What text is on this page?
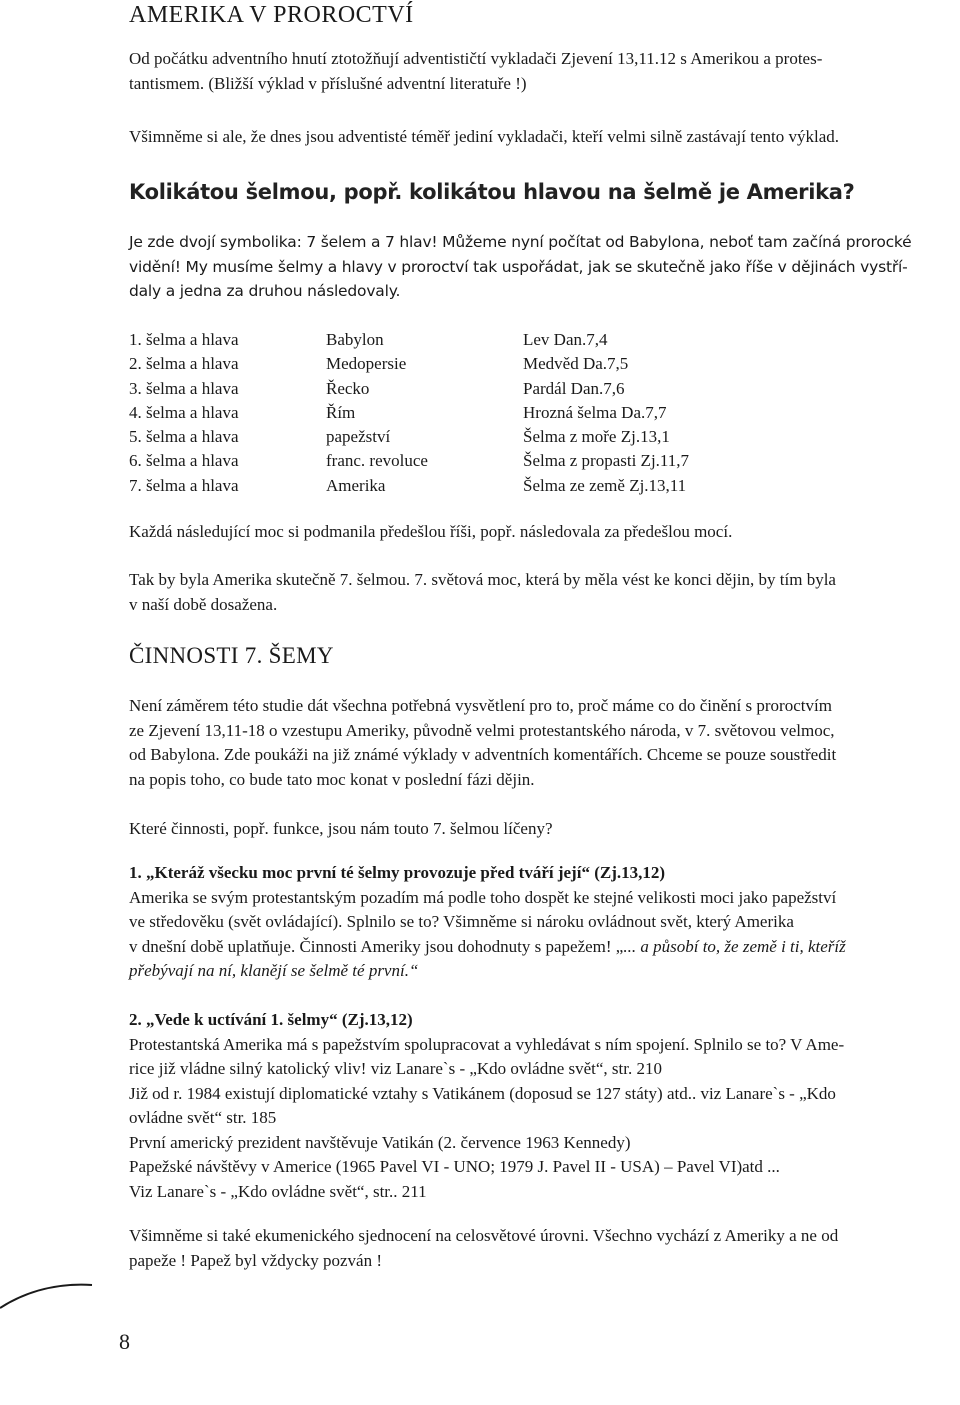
AMERIKA V PROROCTVÍ
Od počátku adventního hnutí ztotožňují adventističtí vykladači Zjevení 13,11.12 s Amerikou a protes-
tantismem. (Bližší výklad v příslušné adventní literatuře !)
Všimněme si ale, že dnes jsou adventisté téměř jediní vykladači, kteří velmi silně zastávají tento výklad.
Kolikátou šelmou, popř. kolikátou hlavou na šelmě je Amerika?
Je zde dvojí symbolika: 7 šelem a 7 hlav! Můžeme nyní počítat od Babylona, neboť tam začíná prorocké
vidění! My musíme šelmy a hlavy v proroctví tak uspořádat, jak se skutečně jako říše v dějinách vystří-
daly a jedna za druhou následovaly.
1. šelma a hlava	Babylon	Lev Dan.7,4
2. šelma a hlava	Medopersie	Medvěd Da.7,5
3. šelma a hlava	Řecko	Pardál Dan.7,6
4. šelma a hlava	Řím	Hrozná šelma Da.7,7
5. šelma a hlava	papežství	Šelma z moře Zj.13,1
6. šelma a hlava	franc. revoluce	Šelma z propasti Zj.11,7
7. šelma a hlava	Amerika	Šelma ze země Zj.13,11
Každá následující moc si podmanila předešlou říši, popř. následovala za předešlou mocí.
Tak by byla Amerika skutečně 7. šelmou. 7. světová moc, která by měla vést ke konci dějin, by tím byla
v naší době dosažena.
ČINNOSTI 7. ŠEMY
Není záměrem této studie dát všechna potřebná vysvětlení pro to, proč máme co do činění s proroctvím
ze Zjevení 13,11-18 o vzestupu Ameriky, původně velmi protestantského národa, v 7. světovou velmoc,
od Babylona. Zde poukáži na již známé výklady v adventních komentářích. Chceme se pouze soustředit
na popis toho, co bude tato moc konat v poslední fázi dějin.
Které činnosti, popř. funkce, jsou nám touto 7. šelmou líčeny?
1. „Kteráž všecku moc první té šelmy provozuje před tváří její“ (Zj.13,12)
Amerika se svým protestantským pozadím má podle toho dospět ke stejné velikosti moci jako papežství
ve středověku (svět ovládající). Splnilo se to? Všimněme si nároku ovládnout svět, který Amerika
v dnešní době uplatňuje. Činnosti Ameriky jsou dohodnuty s papežem! „... a působí to, že země i ti, kteříž
přebývají na ní, klanějí se šelmě té první.“
2. „Vede k uctívání 1. šelmy“ (Zj.13,12)
Protestantská Amerika má s papežstvím spolupracovat a vyhledávat s ním spojení. Splnilo se to? V Ame-
rice již vládne silný katolický vliv! viz Lanare`s - „Kdo ovládne svět“, str. 210
Již od r. 1984 existují diplomatické vztahy s Vatikánem (doposud se 127 státy) atd.. viz Lanare`s - „Kdo
ovládne svět“ str. 185
První americký prezident navštěvuje Vatikán (2. července 1963 Kennedy)
Papežské návštěvy v Americe (1965 Pavel VI - UNO; 1979 J. Pavel II - USA) – Pavel VI)atd ...
Viz Lanare`s - „Kdo ovládne svět“, str.. 211
Všimněme si také ekumenického sjednocení na celosvětové úrovni. Všechno vychází z Ameriky a ne od
papeže ! Papež byl vždycky pozván !
8
